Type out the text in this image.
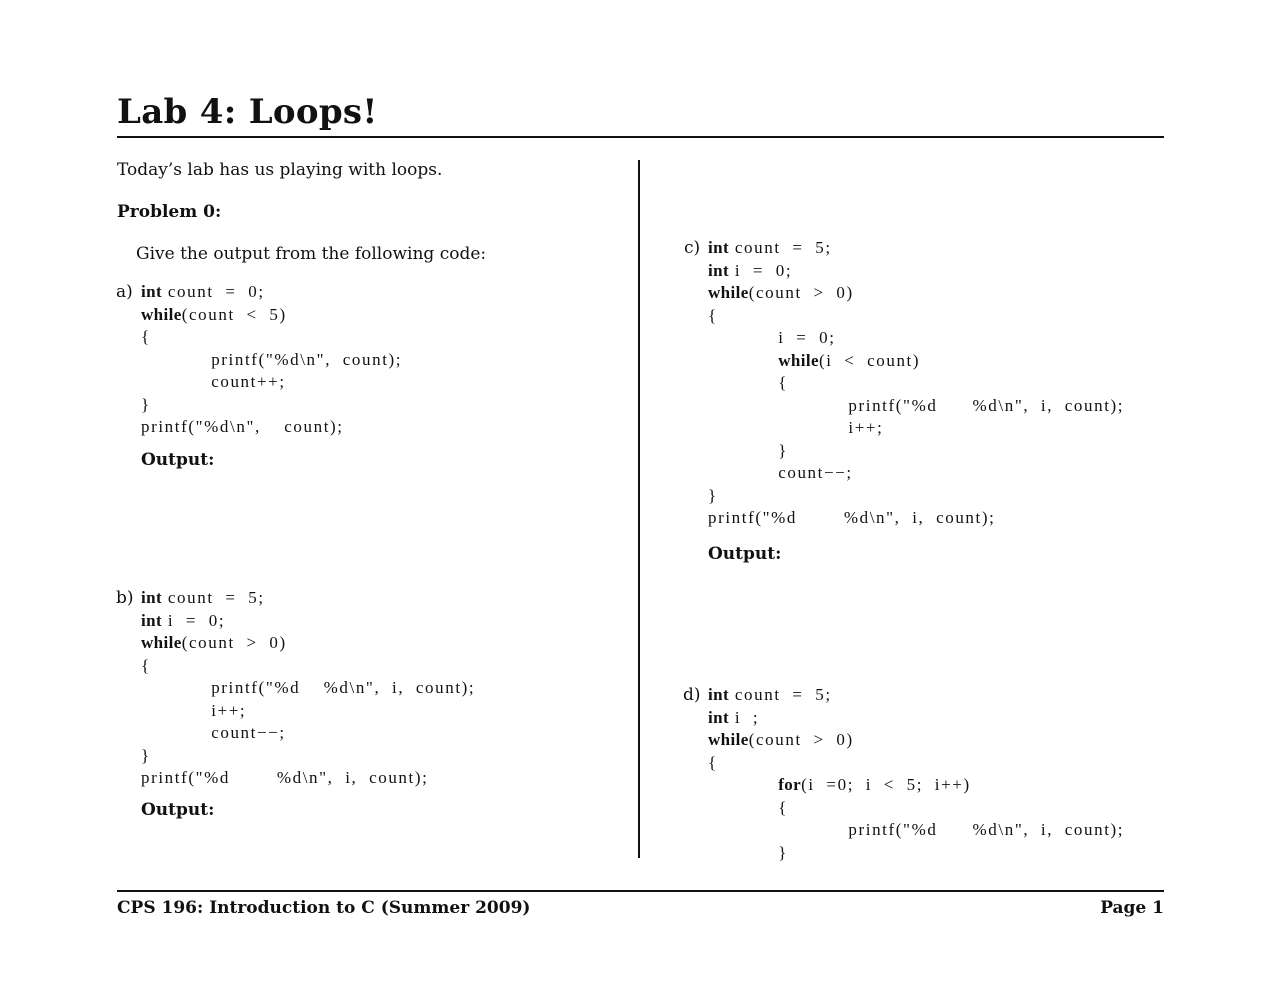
Lab 4: Loops!
Today’s lab has us playing with loops.
Problem 0:
Give the output from the following code:
a) int count  =  0;
while(count  <  5)
{
printf("%d\n",  count);
count++;
}
printf("%d\n",    count);
Output:
b) int count  =  5;
int i  =  0;
while(count  >  0)
{
printf("%d    %d\n",  i,  count);
i++;
count−−;
}
printf("%d        %d\n",  i,  count);
Output:
c) int count  =  5;
int i  =  0;
while(count  >  0)
{
i  =  0;
while(i  <  count)
{
printf("%d      %d\n",  i,  count);
i++;
}
count−−;
}
printf("%d        %d\n",  i,  count);
Output:
d) int count  =  5;
int i  ;
while(count  >  0)
{
for(i  =0;  i  <  5;  i++)
{
printf("%d      %d\n",  i,  count);
}
CPS 196: Introduction to C (Summer 2009)	Page 1
